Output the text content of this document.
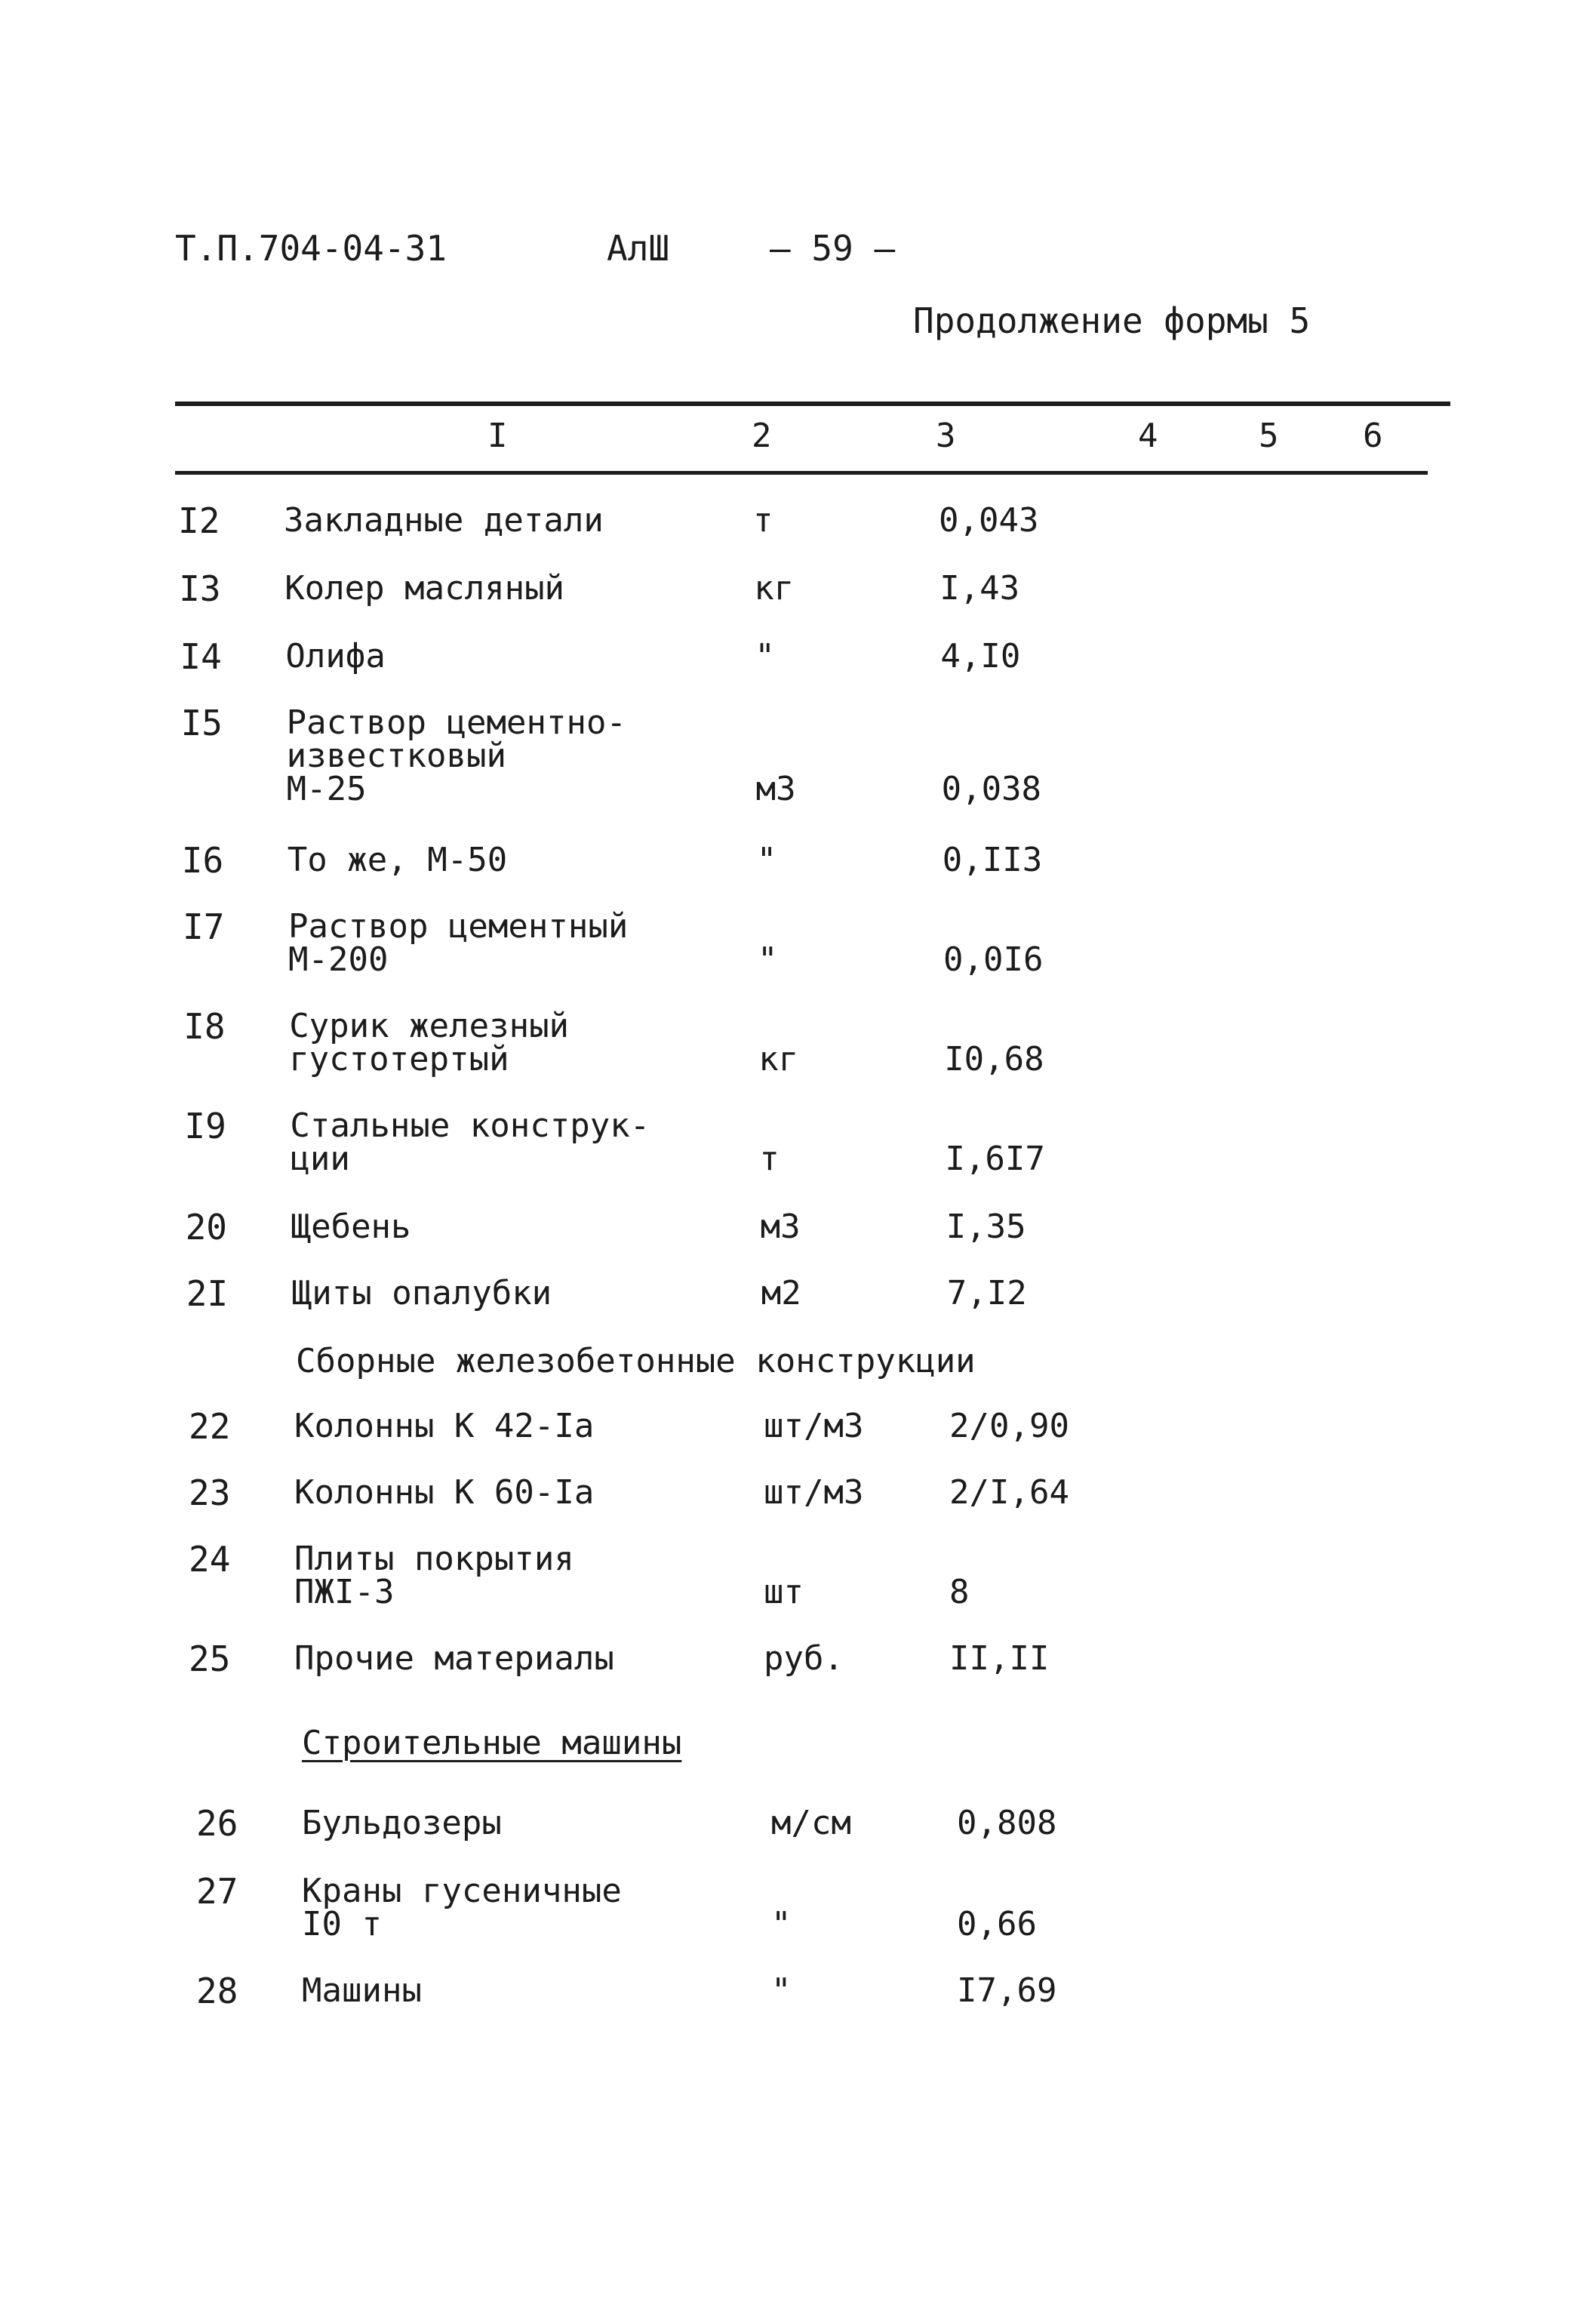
Т.П.704-04-31	АлШ	— 59 —
Продолжение формы 5
I	2	3	4	5	6
I2 Закладные детали	т	0,043
I3 Колер масляный	кг	I,43
I4 Олифа	"	4,I0
I5 Раствор цементно-
известковый
М-25	м3	0,038
I6 То же, М-50	"	0,II3
I7 Раствор цементный
М-200	"	0,0I6
I8 Сурик железный
густотертый	кг	I0,68
I9 Стальные конструк-
ции	т	I,6I7
20 Щебень	м3	I,35
2I Щиты опалубки	м2	7,I2
Сборные железобетонные конструкции
22 Колонны К 42-Iа	шт/м3	2/0,90
23 Колонны К 60-Iа	шт/м3	2/I,64
24 Плиты покрытия
ПЖI-3	шт	8
25 Прочие материалы	руб.	II,II
Строительные машины
26 Бульдозеры	м/см	0,808
27 Краны гусеничные
I0 т	"	0,66
28 Машины	"	I7,69
